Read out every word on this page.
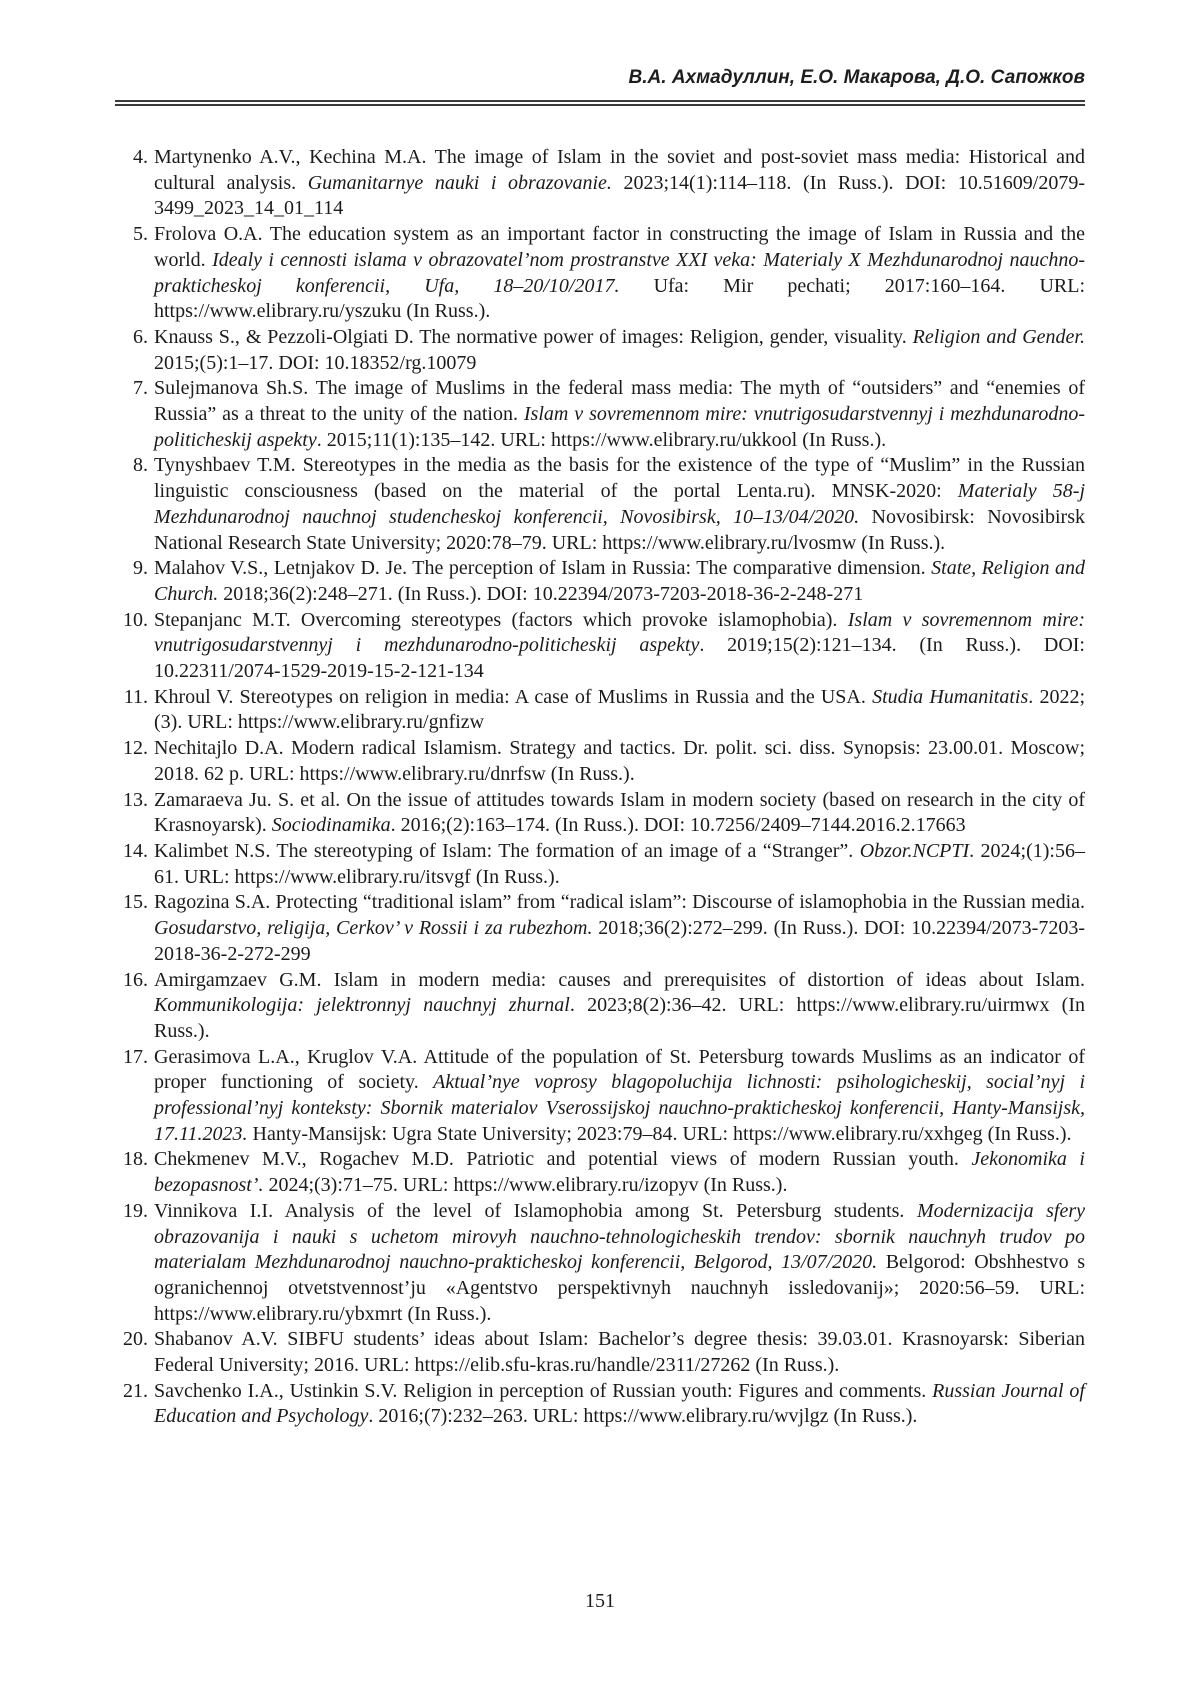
В.А. Ахмадуллин, Е.О. Макарова, Д.О. Сапожков
4. Martynenko A.V., Kechina M.A. The image of Islam in the soviet and post-soviet mass media: Historical and cultural analysis. Gumanitarnye nauki i obrazovanie. 2023;14(1):114–118. (In Russ.). DOI: 10.51609/2079-3499_2023_14_01_114
5. Frolova O.A. The education system as an important factor in constructing the image of Islam in Russia and the world. Idealy i cennosti islama v obrazovatel’nom prostranstve XXI veka: Materialy X Mezhdunarodnoj nauchno-prakticheskoj konferencii, Ufa, 18–20/10/2017. Ufa: Mir pechati; 2017:160–164. URL: https://www.elibrary.ru/yszuku (In Russ.).
6. Knauss S., & Pezzoli-Olgiati D. The normative power of images: Religion, gender, visuality. Religion and Gender. 2015;(5):1–17. DOI: 10.18352/rg.10079
7. Sulejmanova Sh.S. The image of Muslims in the federal mass media: The myth of “outsiders” and “enemies of Russia” as a threat to the unity of the nation. Islam v sovremennom mire: vnutrigosudarstvennyj i mezhdunarodno-politicheskij aspekty. 2015;11(1):135–142. URL: https://www.elibrary.ru/ukkool (In Russ.).
8. Tynyshbaev T.M. Stereotypes in the media as the basis for the existence of the type of “Muslim” in the Russian linguistic consciousness (based on the material of the portal Lenta.ru). MNSK-2020: Materialy 58-j Mezhdunarodnoj nauchnoj studencheskoj konferencii, Novosibirsk, 10–13/04/2020. Novosibirsk: Novosibirsk National Research State University; 2020:78–79. URL: https://www.elibrary.ru/lvosmw (In Russ.).
9. Malahov V.S., Letnjakov D. Je. The perception of Islam in Russia: The comparative dimension. State, Religion and Church. 2018;36(2):248–271. (In Russ.). DOI: 10.22394/2073-7203-2018-36-2-248-271
10. Stepanjanc M.T. Overcoming stereotypes (factors which provoke islamophobia). Islam v sovremennom mire: vnutrigosudarstvennyj i mezhdunarodno-politicheskij aspekty. 2019;15(2):121–134. (In Russ.). DOI: 10.22311/2074-1529-2019-15-2-121-134
11. Khroul V. Stereotypes on religion in media: A case of Muslims in Russia and the USA. Studia Humanitatis. 2022;(3). URL: https://www.elibrary.ru/gnfizw
12. Nechitajlo D.A. Modern radical Islamism. Strategy and tactics. Dr. polit. sci. diss. Synopsis: 23.00.01. Moscow; 2018. 62 p. URL: https://www.elibrary.ru/dnrfsw (In Russ.).
13. Zamaraeva Ju. S. et al. On the issue of attitudes towards Islam in modern society (based on research in the city of Krasnoyarsk). Sociodinamika. 2016;(2):163–174. (In Russ.). DOI: 10.7256/2409–7144.2016.2.17663
14. Kalimbet N.S. The stereotyping of Islam: The formation of an image of a “Stranger”. Obzor.NCPTI. 2024;(1):56–61. URL: https://www.elibrary.ru/itsvgf (In Russ.).
15. Ragozina S.A. Protecting “traditional islam” from “radical islam”: Discourse of islamophobia in the Russian media. Gosudarstvo, religija, Cerkov’ v Rossii i za rubezhom. 2018;36(2):272–299. (In Russ.). DOI: 10.22394/2073-7203-2018-36-2-272-299
16. Amirgamzaev G.M. Islam in modern media: causes and prerequisites of distortion of ideas about Islam. Kommunikologija: jelektronnyj nauchnyj zhurnal. 2023;8(2):36–42. URL: https://www.elibrary.ru/uirmwx (In Russ.).
17. Gerasimova L.A., Kruglov V.A. Attitude of the population of St. Petersburg towards Muslims as an indicator of proper functioning of society. Aktual’nye voprosy blagopoluchija lichnosti: psihologicheskij, social’nyj i professional’nyj konteksty: Sbornik materialov Vserossijskoj nauchno-prakticheskoj konferencii, Hanty-Mansijsk, 17.11.2023. Hanty-Mansijsk: Ugra State University; 2023:79–84. URL: https://www.elibrary.ru/xxhgeg (In Russ.).
18. Chekmenev M.V., Rogachev M.D. Patriotic and potential views of modern Russian youth. Jekonomika i bezopasnost’. 2024;(3):71–75. URL: https://www.elibrary.ru/izopyv (In Russ.).
19. Vinnikova I.I. Analysis of the level of Islamophobia among St. Petersburg students. Modernizacija sfery obrazovanija i nauki s uchetom mirovyh nauchno-tehnologicheskih trendov: sbornik nauchnyh trudov po materialam Mezhdunarodnoj nauchno-prakticheskoj konferencii, Belgorod, 13/07/2020. Belgorod: Obshhestvo s ogranichennoj otvetstvennost’ju «Agentstvo perspektivnyh nauchnyh issledovanij»; 2020:56–59. URL: https://www.elibrary.ru/ybxmrt (In Russ.).
20. Shabanov A.V. SIBFU students’ ideas about Islam: Bachelor’s degree thesis: 39.03.01. Krasnoyarsk: Siberian Federal University; 2016. URL: https://elib.sfu-kras.ru/handle/2311/27262 (In Russ.).
21. Savchenko I.A., Ustinkin S.V. Religion in perception of Russian youth: Figures and comments. Russian Journal of Education and Psychology. 2016;(7):232–263. URL: https://www.elibrary.ru/wvjlgz (In Russ.).
151
